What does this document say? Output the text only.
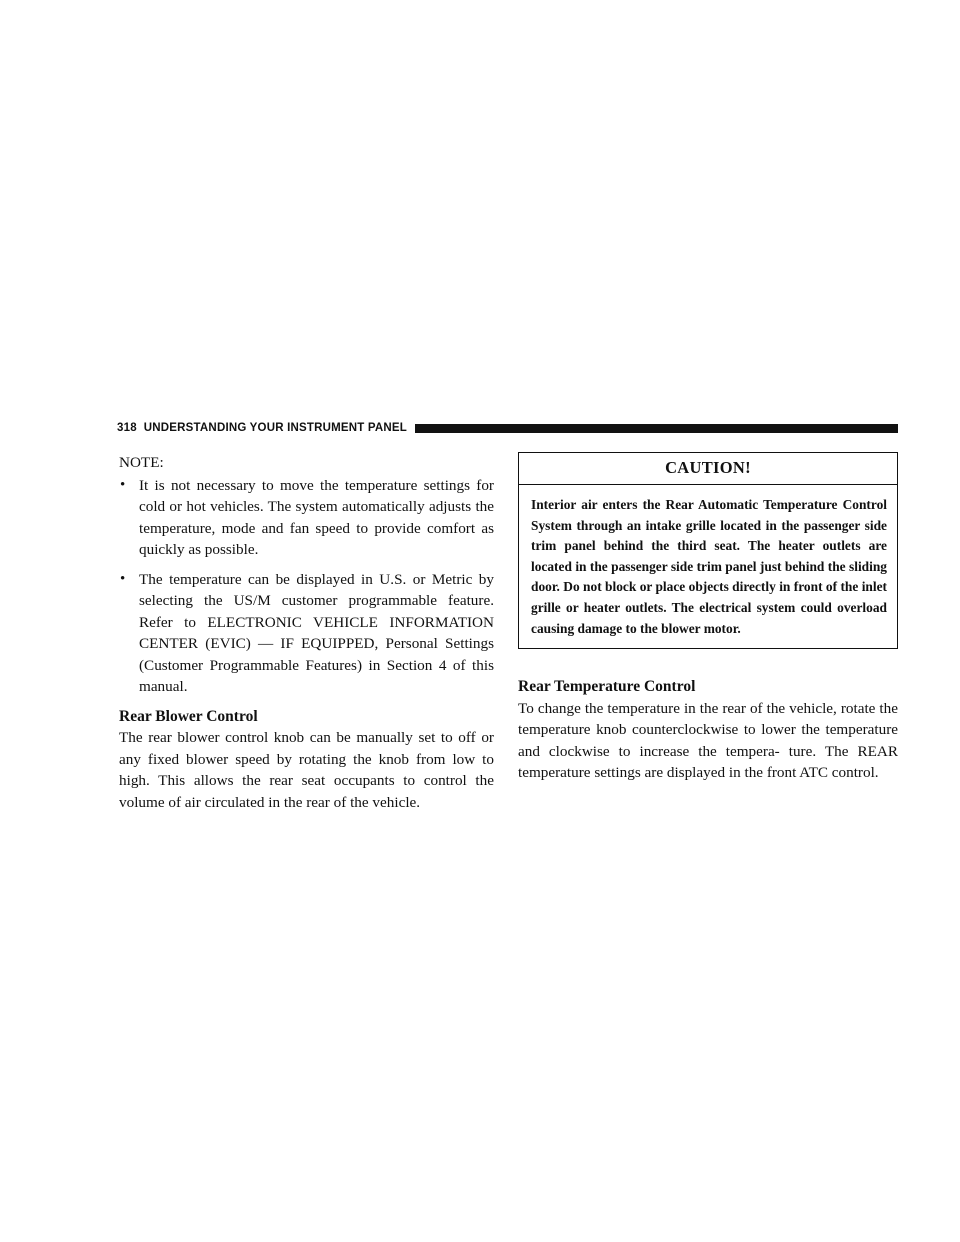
318 UNDERSTANDING YOUR INSTRUMENT PANEL

NOTE:

• It is not necessary to move the temperature settings for cold or hot vehicles. The system automatically adjusts the temperature, mode and fan speed to provide comfort as quickly as possible.

• The temperature can be displayed in U.S. or Metric by selecting the US/M customer programmable feature. Refer to ELECTRONIC VEHICLE INFORMATION CENTER (EVIC) — IF EQUIPPED, Personal Settings (Customer Programmable Features) in Section 4 of this manual.

Rear Blower Control

The rear blower control knob can be manually set to off or any fixed blower speed by rotating the knob from low to high. This allows the rear seat occupants to control the volume of air circulated in the rear of the vehicle.

CAUTION!

Interior air enters the Rear Automatic Temperature Control System through an intake grille located in the passenger side trim panel behind the third seat. The heater outlets are located in the passenger side trim panel just behind the sliding door. Do not block or place objects directly in front of the inlet grille or heater outlets. The electrical system could overload causing damage to the blower motor.

Rear Temperature Control

To change the temperature in the rear of the vehicle, rotate the temperature knob counterclockwise to lower the temperature and clockwise to increase the tempera- ture. The REAR temperature settings are displayed in the front ATC control.
